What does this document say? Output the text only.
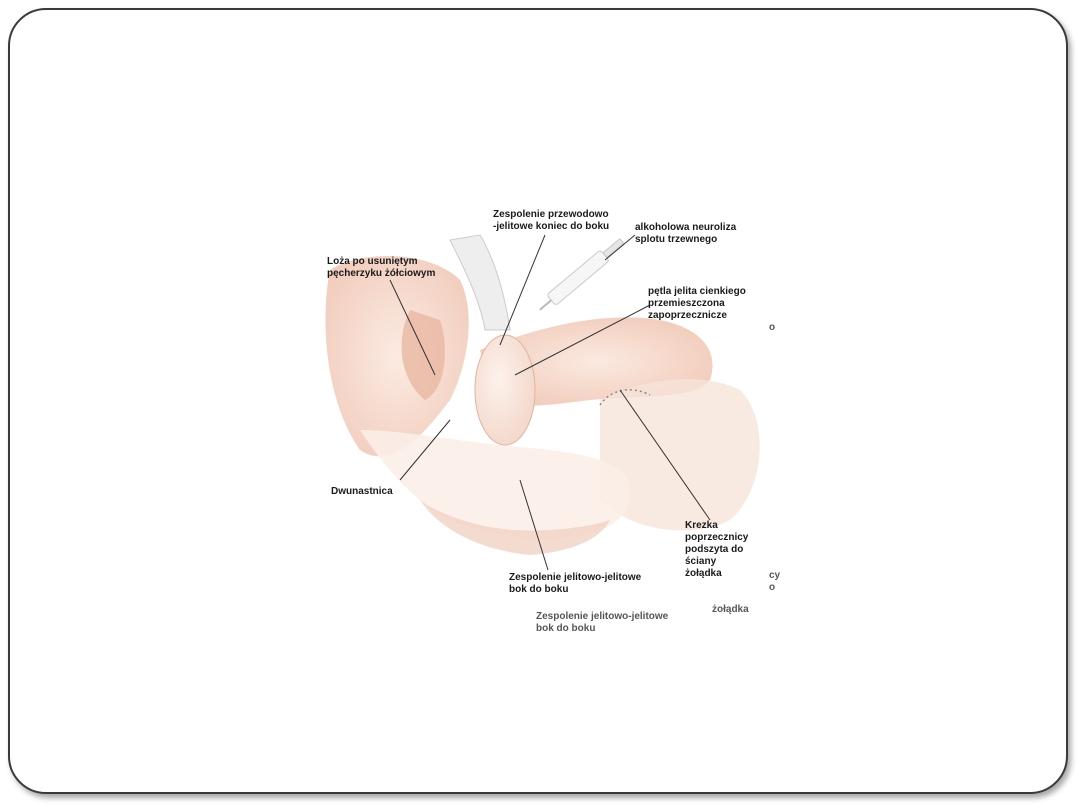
Zespolenie przewodowo
-jelitowe koniec do boku	alkoholowa neuroliza
splotu trzewnego
Loża po usuniętym
pęcherzyku żółciowym
pętla jelita cienkiego
przemieszczona
zapoprzecznicze
o
Dwunastnica
Krezka
poprzecznicy
podszyta do
ściany
żołądka	cy
o
Zespolenie jelitowo-jelitowe
bok do boku
żołądka
Zespolenie jelitowo-jelitowe
bok do boku
